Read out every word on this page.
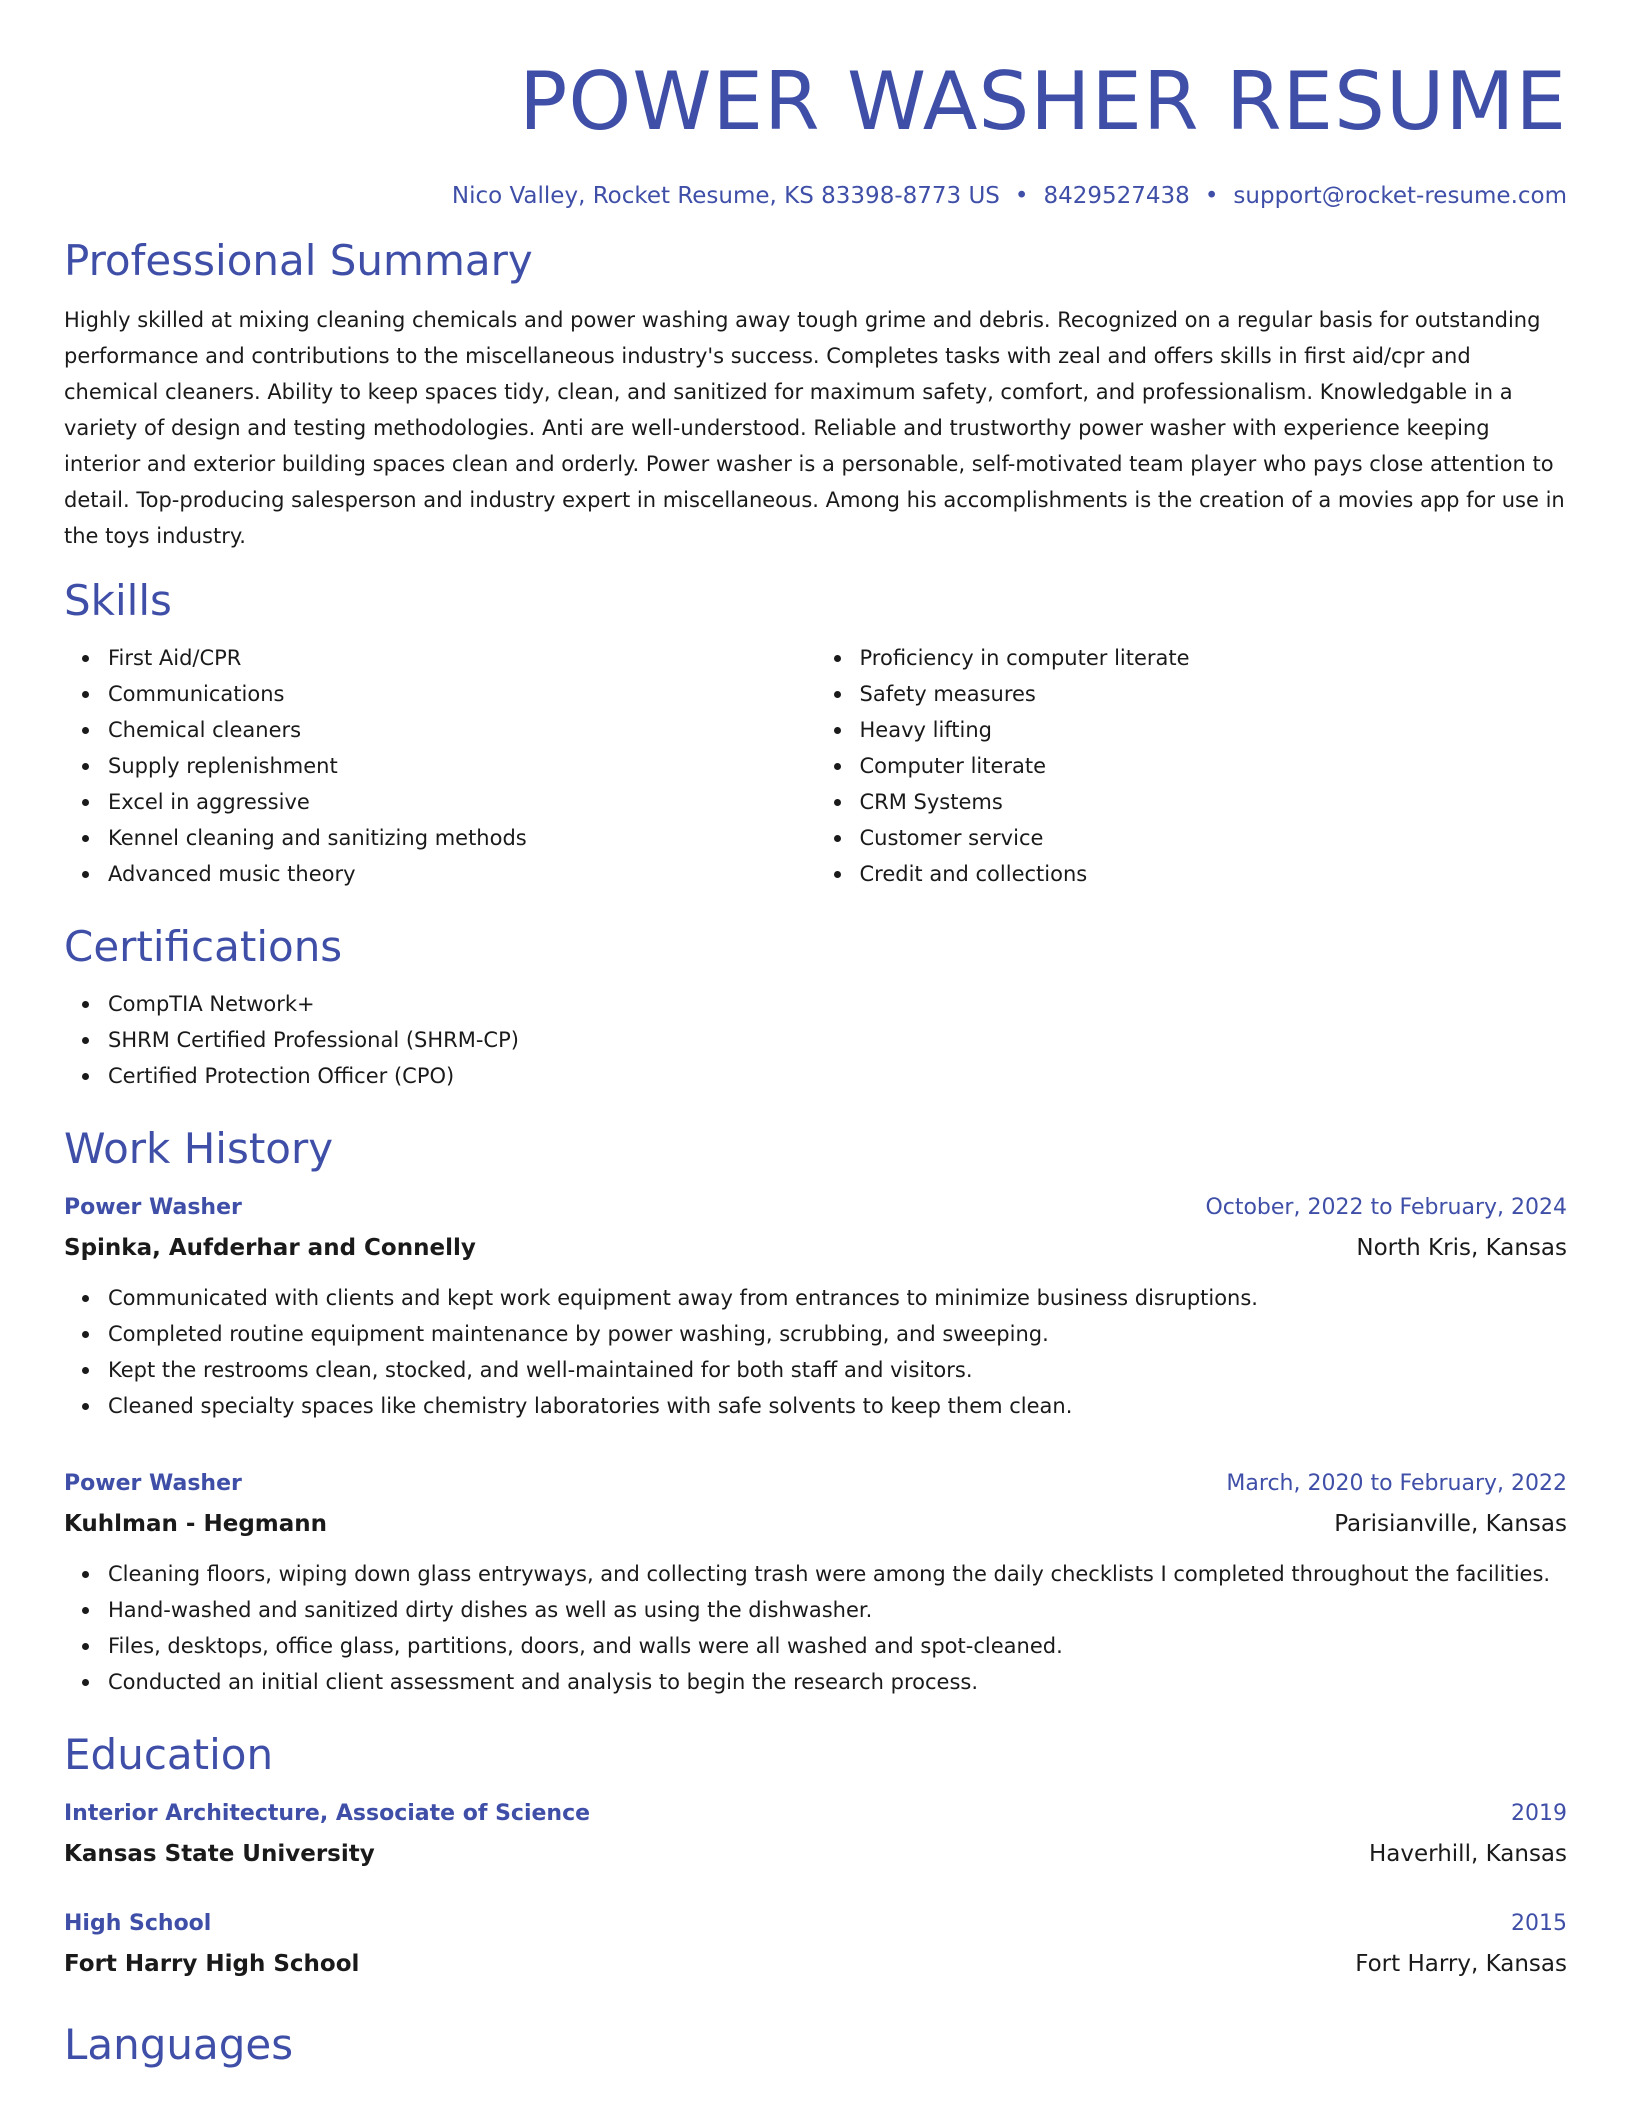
POWER WASHER RESUME
Nico Valley, Rocket Resume, KS 83398-8773 US • 8429527438 • support@rocket-resume.com
Professional Summary

Highly skilled at mixing cleaning chemicals and power washing away tough grime and debris. Recognized on a regular basis for outstanding performance and contributions to the miscellaneous industry's success. Completes tasks with zeal and offers skills in first aid/cpr and chemical cleaners. Ability to keep spaces tidy, clean, and sanitized for maximum safety, comfort, and professionalism. Knowledgable in a variety of design and testing methodologies. Anti are well-understood. Reliable and trustworthy power washer with experience keeping interior and exterior building spaces clean and orderly. Power washer is a personable, self-motivated team player who pays close attention to detail. Top-producing salesperson and industry expert in miscellaneous. Among his accomplishments is the creation of a movies app for use in the toys industry.

Skills
First Aid/CPR
Communications
Chemical cleaners
Supply replenishment
Excel in aggressive
Kennel cleaning and sanitizing methods
Advanced music theory
Proficiency in computer literate
Safety measures
Heavy lifting
Computer literate
CRM Systems
Customer service
Credit and collections
Certifications
CompTIA Network+
SHRM Certified Professional (SHRM-CP)
Certified Protection Officer (CPO)
Work History
Power Washer	October, 2022 to February, 2024
Spinka, Aufderhar and Connelly	North Kris, Kansas
Communicated with clients and kept work equipment away from entrances to minimize business disruptions.
Completed routine equipment maintenance by power washing, scrubbing, and sweeping.
Kept the restrooms clean, stocked, and well-maintained for both staff and visitors.
Cleaned specialty spaces like chemistry laboratories with safe solvents to keep them clean.
Power Washer	March, 2020 to February, 2022
Kuhlman - Hegmann	Parisianville, Kansas
Cleaning floors, wiping down glass entryways, and collecting trash were among the daily checklists I completed throughout the facilities.
Hand-washed and sanitized dirty dishes as well as using the dishwasher.
Files, desktops, office glass, partitions, doors, and walls were all washed and spot-cleaned.
Conducted an initial client assessment and analysis to begin the research process.
Education
Interior Architecture, Associate of Science	2019
Kansas State University	Haverhill, Kansas
High School	2015
Fort Harry High School	Fort Harry, Kansas
Languages
